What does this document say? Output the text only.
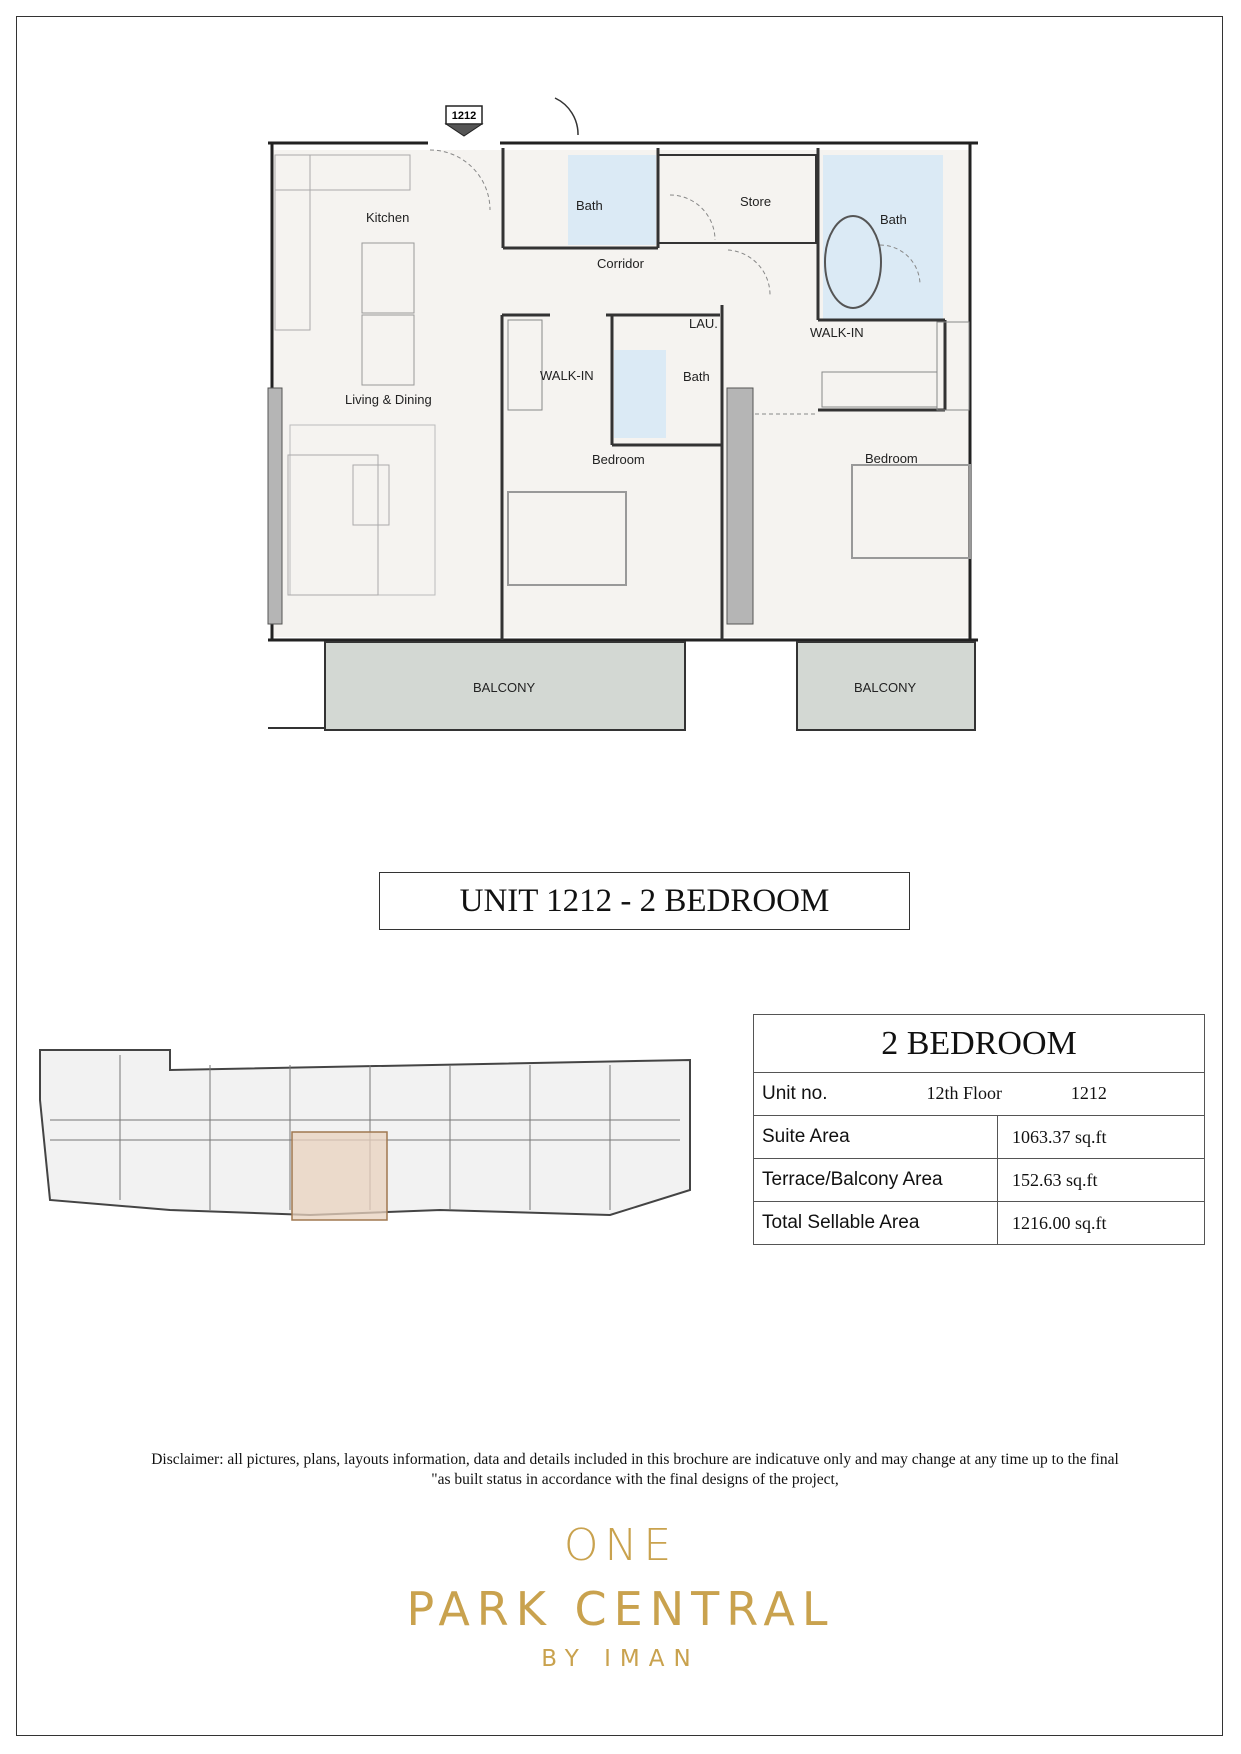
1212
Kitchen
Living & Dining
Bath
Corridor
Store
Bath
WALK-IN
WALK-IN
LAU.
Bath
Bedroom	Bedroom
BALCONY	BALCONY
UNIT 1212 - 2 BEDROOM
2 BEDROOM	
Unit no. 12th Floor 1212	
Suite Area	1063.37 sq.ft
Terrace/Balcony Area	152.63 sq.ft
Total Sellable Area	1216.00 sq.ft
Disclaimer: all pictures, plans, layouts information, data and details included in this brochure are indicatuve only and may change at any time up to the final
"as built status in accordance with the final designs of the project,
ONE
PARK CENTRAL
BY IMAN
